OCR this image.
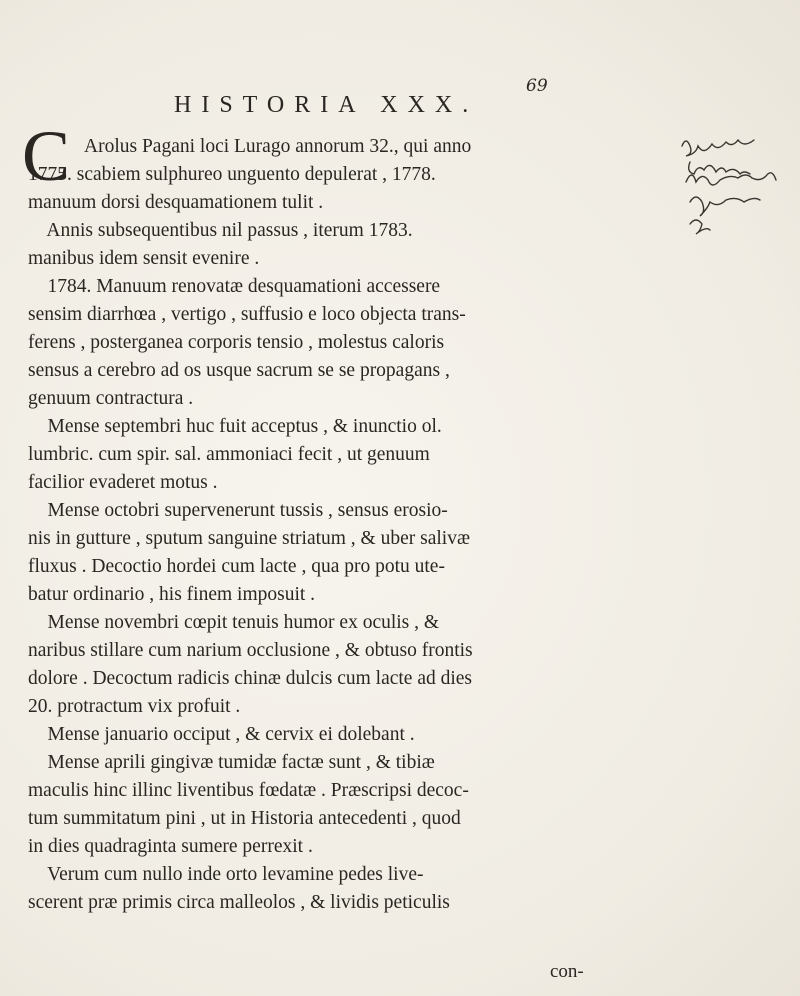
69
HISTORIA XXX.
C Arolus Pagani loci Lurago annorum 32., qui anno
1775. scabiem sulphureo unguento depulerat , 1778.
manuum dorsi desquamationem tulit .
Annis subsequentibus nil passus , iterum 1783.
manibus idem sensit evenire .
1784. Manuum renovatæ desquamationi accessere
sensim diarrhœa , vertigo , suffusio e loco objecta trans-
ferens , posterganea corporis tensio , molestus caloris
sensus a cerebro ad os usque sacrum se se propagans ,
genuum contractura .
Mense septembri huc fuit acceptus , & inunctio ol.
lumbric. cum spir. sal. ammoniaci fecit , ut genuum
facilior evaderet motus .
Mense octobri supervenerunt tussis , sensus erosio-
nis in gutture , sputum sanguine striatum , & uber salivæ
fluxus . Decoctio hordei cum lacte , qua pro potu ute-
batur ordinario , his finem imposuit .
Mense novembri cœpit tenuis humor ex oculis , &
naribus stillare cum narium occlusione , & obtuso frontis
dolore . Decoctum radicis chinæ dulcis cum lacte ad dies
20. protractum vix profuit .
Mense januario occiput , & cervix ei dolebant .
Mense aprili gingivæ tumidæ factæ sunt , & tibiæ
maculis hinc illinc liventibus fœdatæ . Præscripsi decoc-
tum summitatum pini , ut in Historia antecedenti , quod
in dies quadraginta sumere perrexit .
Verum cum nullo inde orto levamine pedes live-
scerent præ primis circa malleolos , & lividis peticulis
con-
